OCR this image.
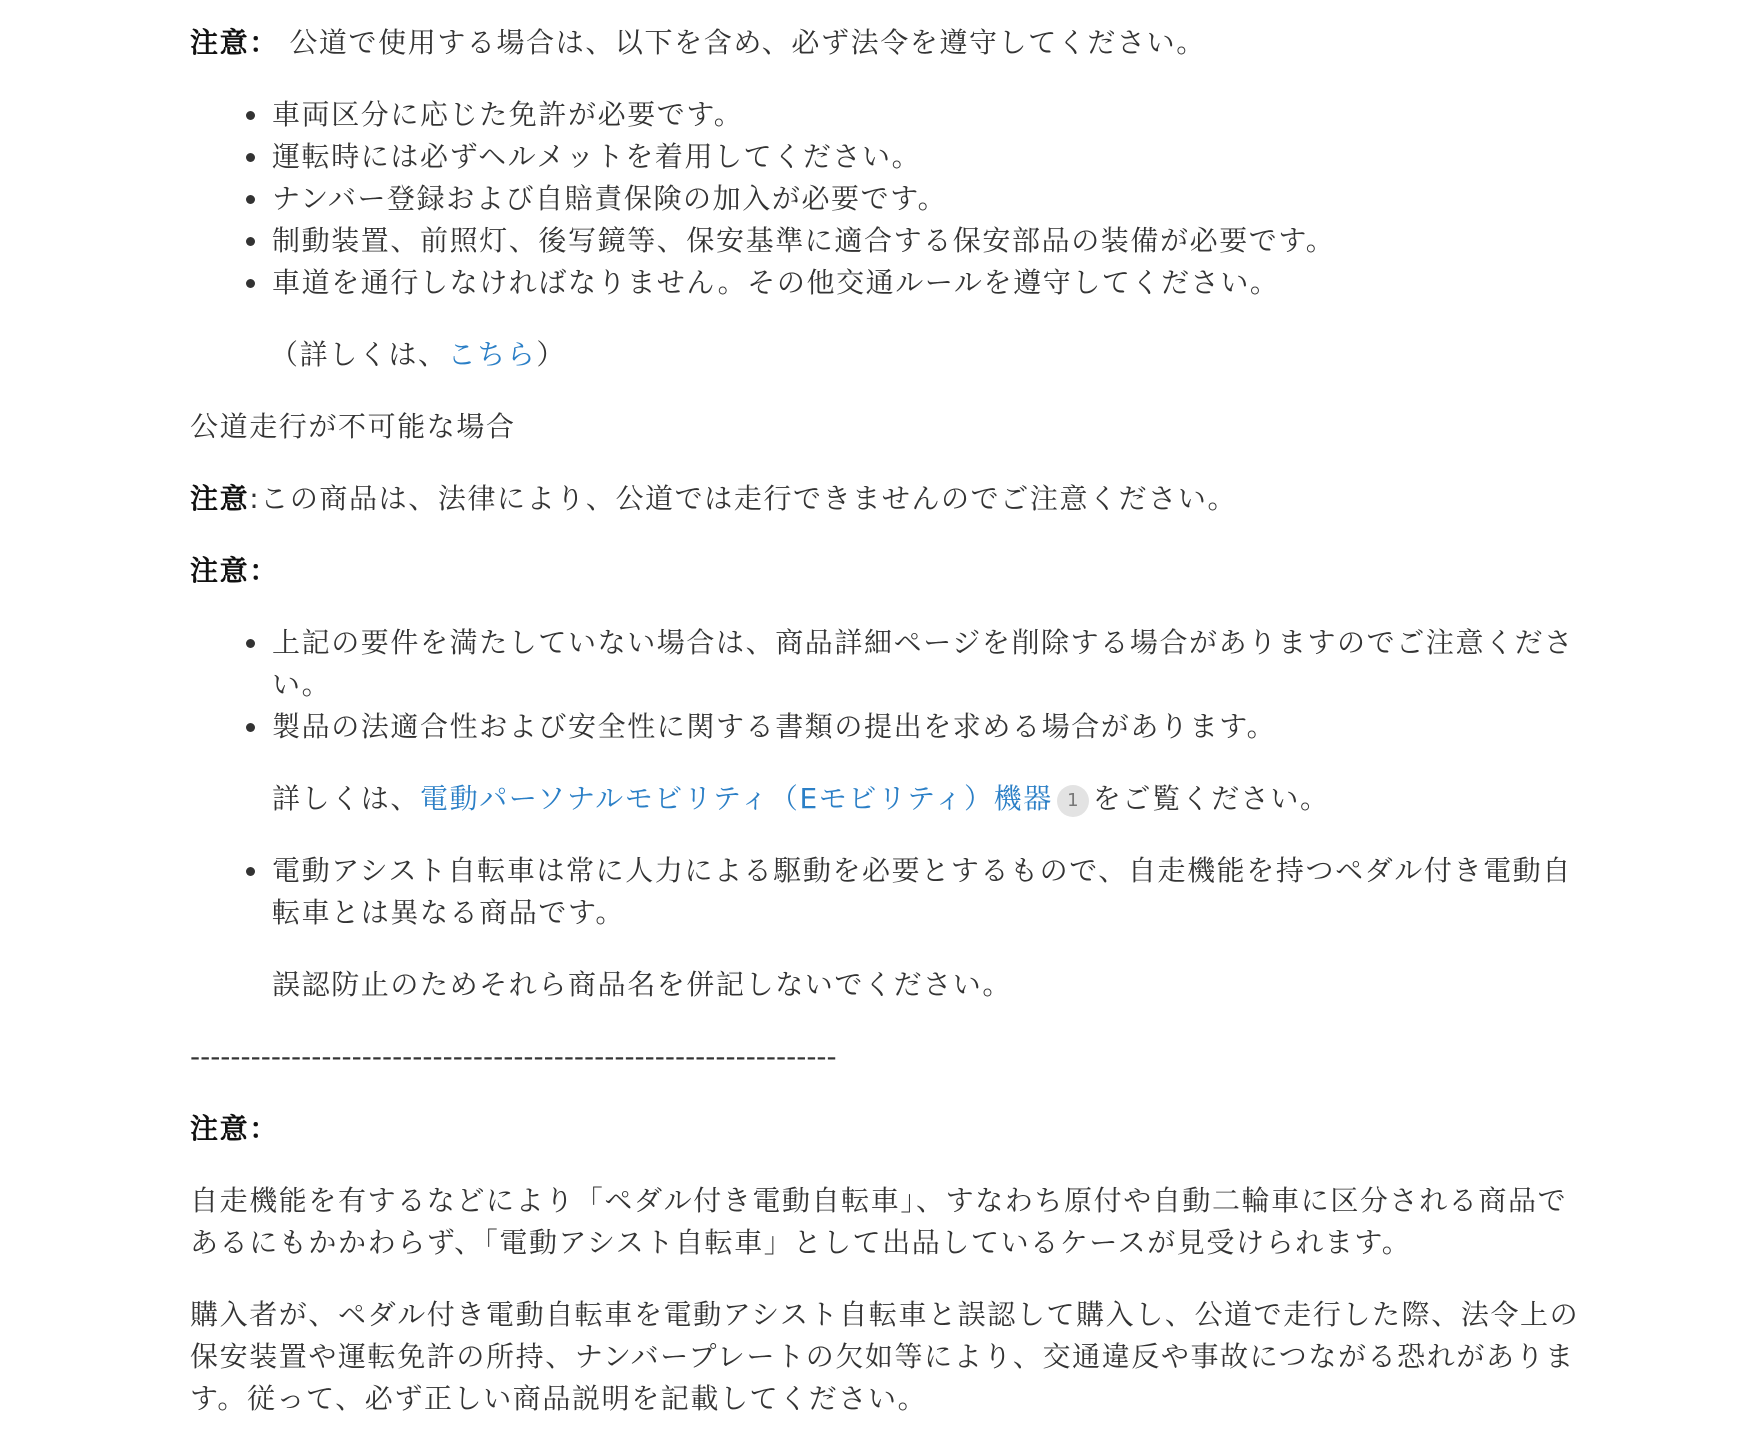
注意： 公道で使用する場合は、以下を含め、必ず法令を遵守してください。

• 車両区分に応じた免許が必要です。
• 運転時には必ずヘルメットを着用してください。
• ナンバー登録および自賠責保険の加入が必要です。
• 制動装置、前照灯、後写鏡等、保安基準に適合する保安部品の装備が必要です。
• 車道を通行しなければなりません。その他交通ルールを遵守してください。

（詳しくは、こちら）

公道走行が不可能な場合

注意:この商品は、法律により、公道では走行できませんのでご注意ください。

注意：

• 上記の要件を満たしていない場合は、商品詳細ページを削除する場合がありますのでご注意ください。
• 製品の法適合性および安全性に関する書類の提出を求める場合があります。

詳しくは、電動パーソナルモビリティ（Eモビリティ）機器 1 をご覧ください。

• 電動アシスト自転車は常に人力による駆動を必要とするもので、自走機能を持つペダル付き電動自転車とは異なる商品です。

誤認防止のためそれら商品名を併記しないでください。

----------------------------------------------------------------

注意：

自走機能を有するなどにより「ペダル付き電動自転車」、すなわち原付や自動二輪車に区分される商品であるにもかかわらず、「電動アシスト自転車」として出品しているケースが見受けられます。

購入者が、ペダル付き電動自転車を電動アシスト自転車と誤認して購入し、公道で走行した際、法令上の保安装置や運転免許の所持、ナンバープレートの欠如等により、交通違反や事故につながる恐れがあります。従って、必ず正しい商品説明を記載してください。
